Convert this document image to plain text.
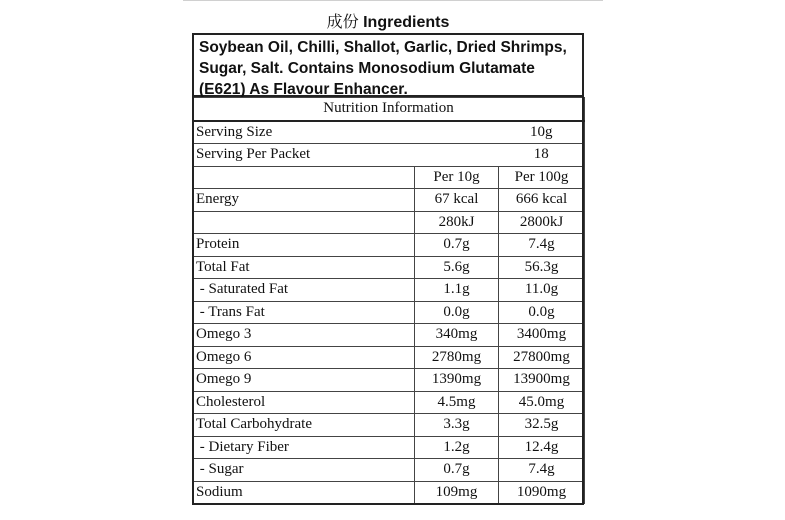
成份 Ingredients
Soybean Oil, Chilli, Shallot, Garlic, Dried Shrimps, Sugar, Salt. Contains Monosodium Glutamate (E621) As Flavour Enhancer.
Nutrition Information		
Serving Size		10g
Serving Per Packet		18
	Per 10g	Per 100g
Energy	67 kcal	666 kcal
	280kJ	2800kJ
Protein	0.7g	7.4g
Total Fat	5.6g	56.3g
- Saturated Fat	1.1g	11.0g
- Trans Fat	0.0g	0.0g
Omego 3	340mg	3400mg
Omego 6	2780mg	27800mg
Omego 9	1390mg	13900mg
Cholesterol	4.5mg	45.0mg
Total Carbohydrate	3.3g	32.5g
- Dietary Fiber	1.2g	12.4g
- Sugar	0.7g	7.4g
Sodium	109mg	1090mg
